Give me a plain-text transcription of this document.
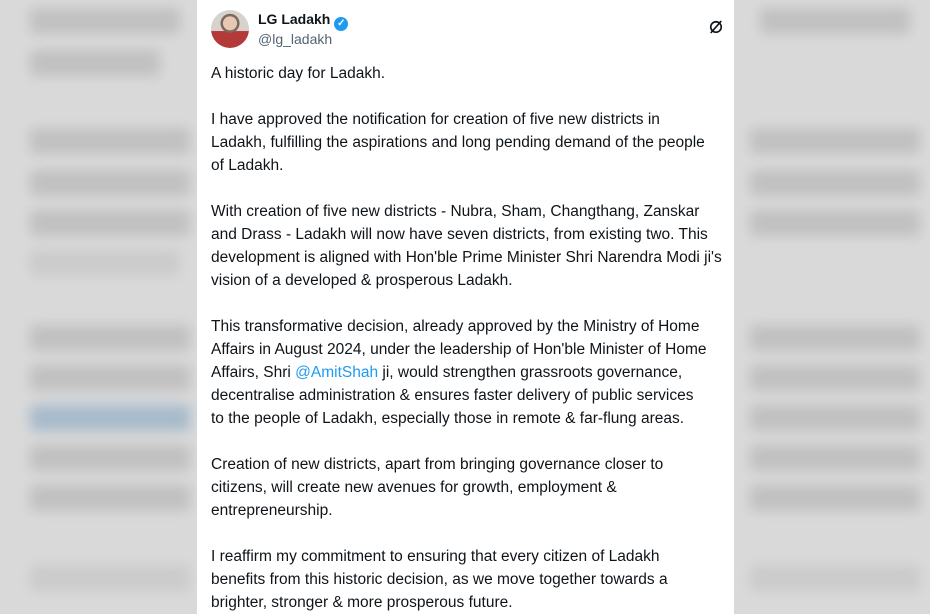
LG Ladakh ✓
@lg_ladakh

A historic day for Ladakh.

I have approved the notification for creation of five new districts in
Ladakh, fulfilling the aspirations and long pending demand of the people
of Ladakh.

With creation of five new districts - Nubra, Sham, Changthang, Zanskar
and Drass - Ladakh will now have seven districts, from existing two. This
development is aligned with Hon'ble Prime Minister Shri Narendra Modi ji's
vision of a developed & prosperous Ladakh.

This transformative decision, already approved by the Ministry of Home
Affairs in August 2024, under the leadership of Hon'ble Minister of Home
Affairs, Shri @AmitShah ji, would strengthen grassroots governance,
decentralise administration & ensures faster delivery of public services
to the people of Ladakh, especially those in remote & far-flung areas.

Creation of new districts, apart from bringing governance closer to
citizens, will create new avenues for growth, employment &
entrepreneurship.

I reaffirm my commitment to ensuring that every citizen of Ladakh
benefits from this historic decision, as we move together towards a
brighter, stronger & more prosperous future.
